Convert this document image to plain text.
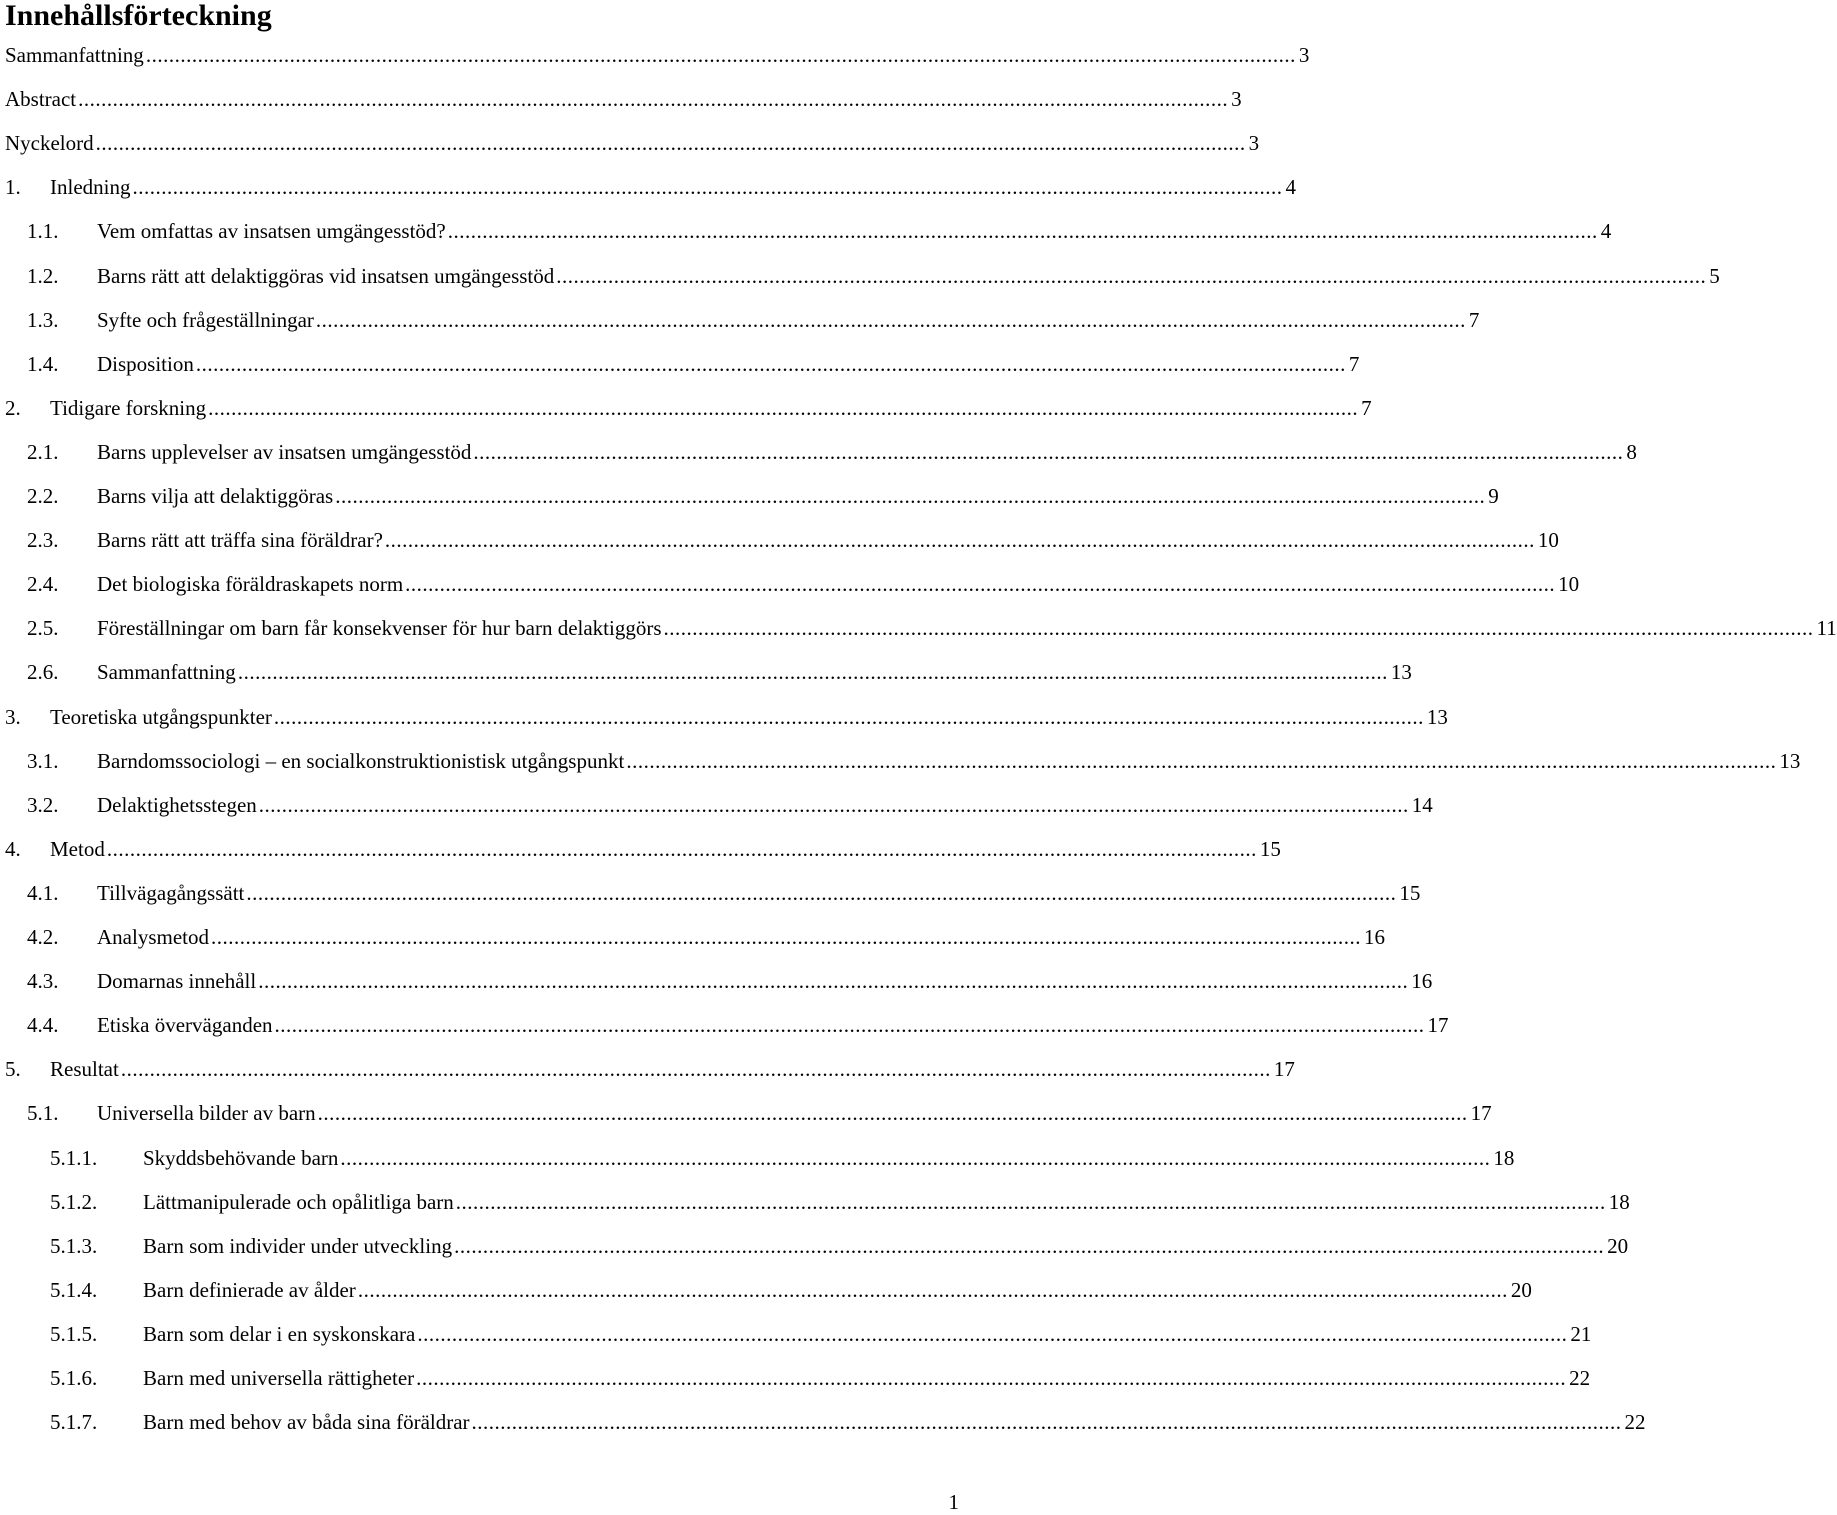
Innehållsförteckning
Sammanfattning ........................................................................................................................................................................................................ 3
Abstract ........................................................................................................................................................................................................ 3
Nyckelord ........................................................................................................................................................................................................ 3
1.	Inledning ........................................................................................................................................................................................................ 4
1.1.	Vem omfattas av insatsen umgängesstöd? ........................................................................................................................................................................................................ 4
1.2.	Barns rätt att delaktiggöras vid insatsen umgängesstöd ........................................................................................................................................................................................................ 5
1.3.	Syfte och frågeställningar ........................................................................................................................................................................................................ 7
1.4.	Disposition ........................................................................................................................................................................................................ 7
2.	Tidigare forskning ........................................................................................................................................................................................................ 7
2.1.	Barns upplevelser av insatsen umgängesstöd ........................................................................................................................................................................................................ 8
2.2.	Barns vilja att delaktiggöras ........................................................................................................................................................................................................ 9
2.3.	Barns rätt att träffa sina föräldrar? ........................................................................................................................................................................................................ 10
2.4.	Det biologiska föräldraskapets norm ........................................................................................................................................................................................................ 10
2.5.	Föreställningar om barn får konsekvenser för hur barn delaktiggörs ........................................................................................................................................................................................................ 11
2.6.	Sammanfattning ........................................................................................................................................................................................................ 13
3.	Teoretiska utgångspunkter ........................................................................................................................................................................................................ 13
3.1.	Barndomssociologi – en socialkonstruktionistisk utgångspunkt ........................................................................................................................................................................................................ 13
3.2.	Delaktighetsstegen ........................................................................................................................................................................................................ 14
4.	Metod ........................................................................................................................................................................................................ 15
4.1.	Tillvägagångssätt ........................................................................................................................................................................................................ 15
4.2.	Analysmetod ........................................................................................................................................................................................................ 16
4.3.	Domarnas innehåll ........................................................................................................................................................................................................ 16
4.4.	Etiska överväganden ........................................................................................................................................................................................................ 17
5.	Resultat ........................................................................................................................................................................................................ 17
5.1.	Universella bilder av barn ........................................................................................................................................................................................................ 17
5.1.1.	Skyddsbehövande barn ........................................................................................................................................................................................................ 18
5.1.2.	Lättmanipulerade och opålitliga barn ........................................................................................................................................................................................................ 18
5.1.3.	Barn som individer under utveckling ........................................................................................................................................................................................................ 20
5.1.4.	Barn definierade av ålder ........................................................................................................................................................................................................ 20
5.1.5.	Barn som delar i en syskonskara ........................................................................................................................................................................................................ 21
5.1.6.	Barn med universella rättigheter ........................................................................................................................................................................................................ 22
5.1.7.	Barn med behov av båda sina föräldrar ........................................................................................................................................................................................................ 22
1
